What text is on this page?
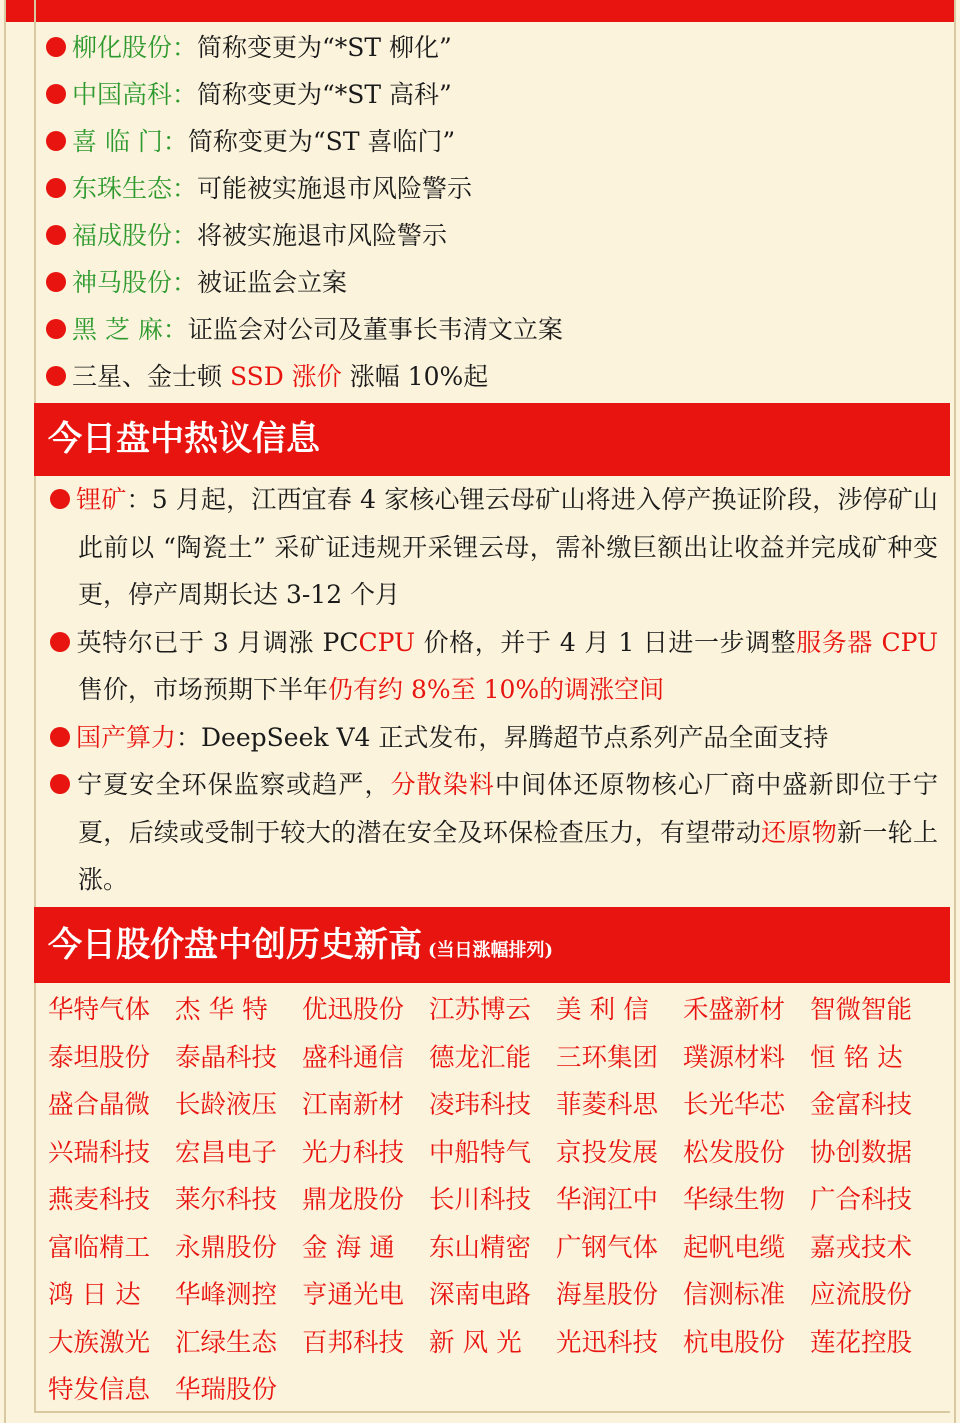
柳化股份：简称变更为“*ST 柳化”
中国高科：简称变更为“*ST 高科”
喜 临 门：简称变更为“ST 喜临门”
东珠生态：可能被实施退市风险警示
福成股份：将被实施退市风险警示
神马股份：被证监会立案
黑 芝 麻：证监会对公司及董事长韦清文立案
三星、金士顿 SSD 涨价 涨幅 10%起
今日盘中热议信息
锂矿：5 月起，江西宜春 4 家核心锂云母矿山将进入停产换证阶段，涉停矿山此前以 “陶瓷土” 采矿证违规开采锂云母，需补缴巨额出让收益并完成矿种变更，停产周期长达 3-12 个月
英特尔已于 3 月调涨 PCCPU 价格，并于 4 月 1 日进一步调整服务器 CPU 售价，市场预期下半年仍有约 8%至 10%的调涨空间
国产算力：DeepSeek V4 正式发布，昇腾超节点系列产品全面支持
宁夏安全环保监察或趋严，分散染料中间体还原物核心厂商中盛新即位于宁夏，后续或受制于较大的潜在安全及环保检查压力，有望带动还原物新一轮上涨。
今日股价盘中创历史新高 (当日涨幅排列)
华特气体 杰 华 特	优迅股份 江苏博云 美 利 信	禾盛新材 智微智能
泰坦股份 泰晶科技 盛科通信 德龙汇能 三环集团 璞源材料 恒 铭 达
盛合晶微 长龄液压 江南新材 凌玮科技 菲菱科思 长光华芯 金富科技
兴瑞科技 宏昌电子 光力科技 中船特气 京投发展 松发股份 协创数据
燕麦科技 莱尔科技 鼎龙股份 长川科技 华润江中 华绿生物 广合科技
富临精工 永鼎股份 金 海 通	东山精密 广钢气体 起帆电缆 嘉戎技术
鸿 日 达	华峰测控 亨通光电 深南电路 海星股份 信测标准 应流股份
大族激光 汇绿生态 百邦科技 新 风 光	光迅科技 杭电股份 莲花控股
特发信息 华瑞股份
